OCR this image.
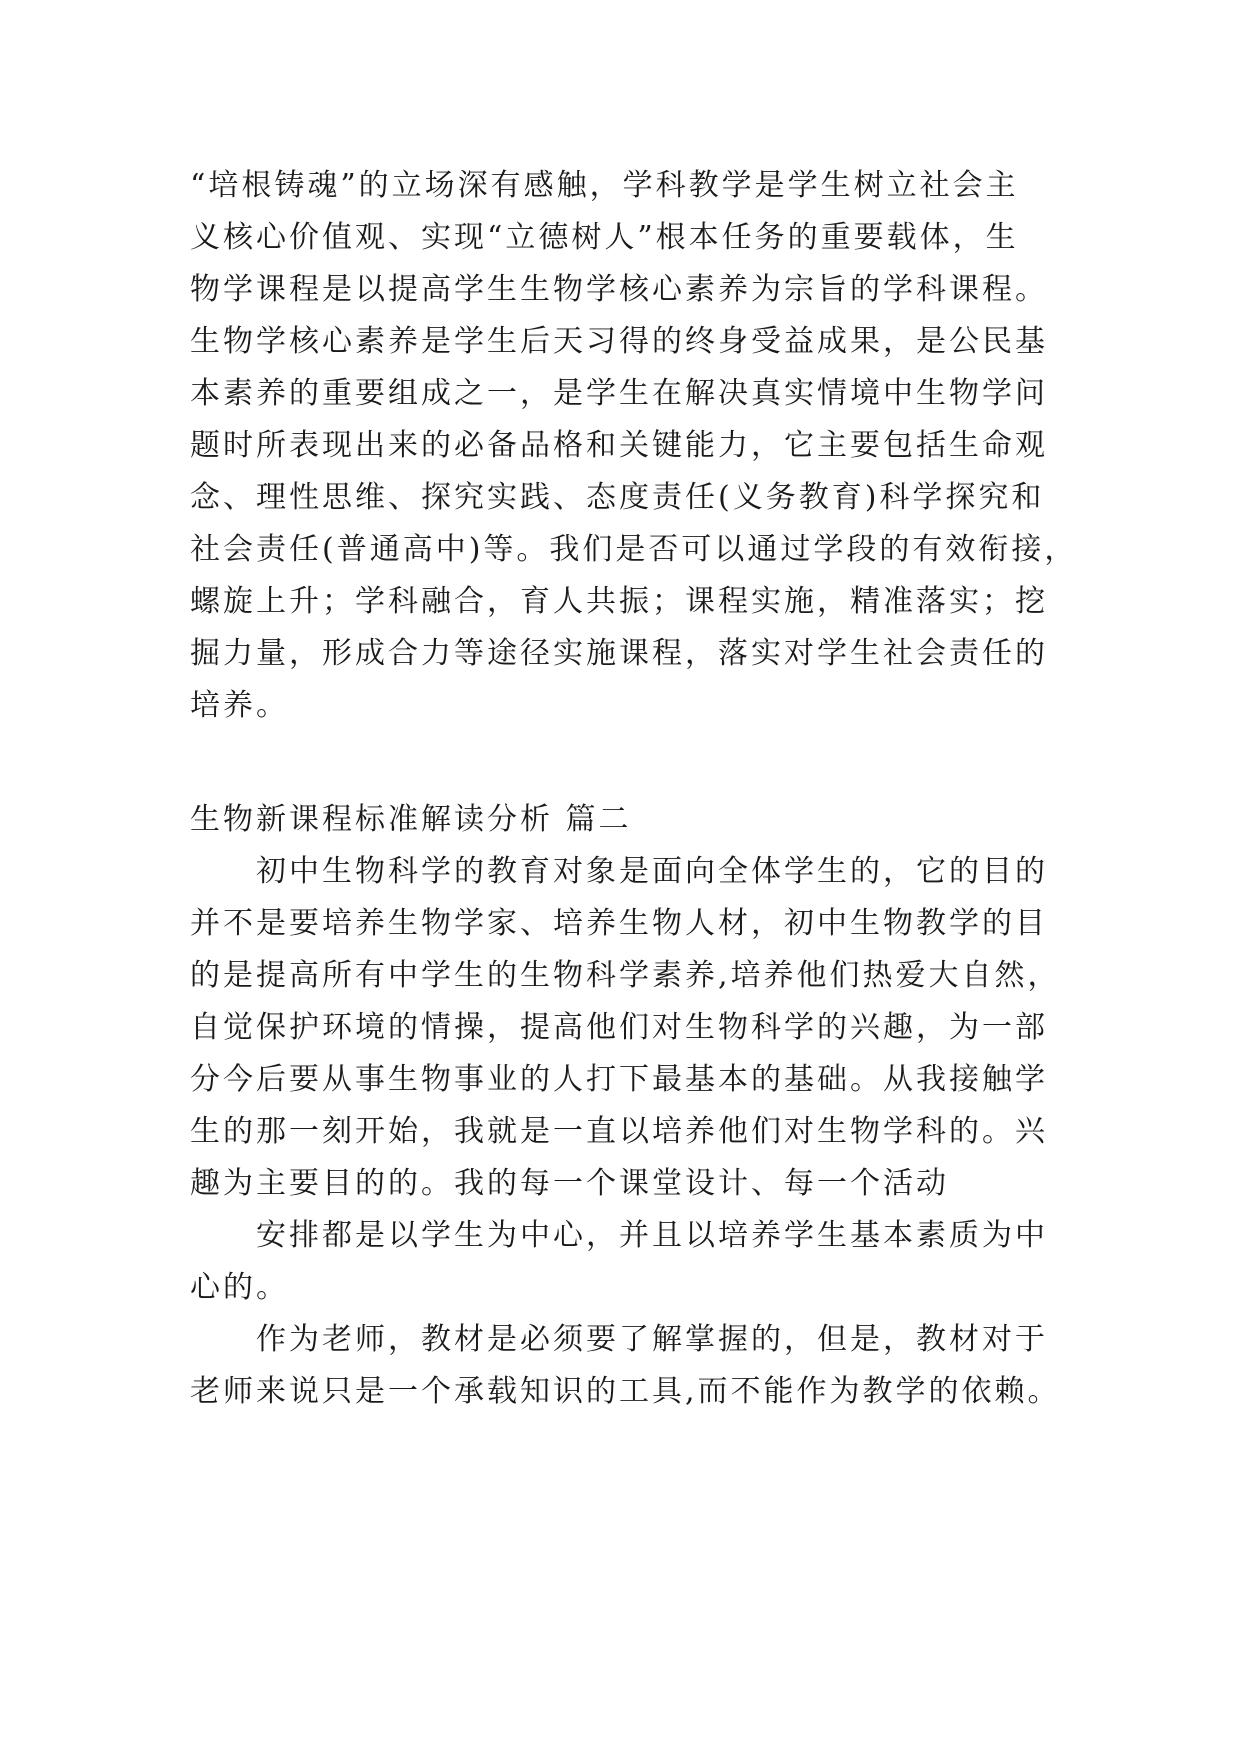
“培根铸魂”的立场深有感触，学科教学是学生树立社会主
义核心价值观、实现“立德树人”根本任务的重要载体，生
物学课程是以提高学生生物学核心素养为宗旨的学科课程。
生物学核心素养是学生后天习得的终身受益成果，是公民基
本素养的重要组成之一，是学生在解决真实情境中生物学问
题时所表现出来的必备品格和关键能力，它主要包括生命观
念、理性思维、探究实践、态度责任(义务教育)科学探究和
社会责任(普通高中)等。我们是否可以通过学段的有效衔接，
螺旋上升；学科融合，育人共振；课程实施，精准落实；挖
掘力量，形成合力等途径实施课程，落实对学生社会责任的
培养。
生物新课程标准解读分析 篇二
初中生物科学的教育对象是面向全体学生的，它的目的
并不是要培养生物学家、培养生物人材，初中生物教学的目
的是提高所有中学生的生物科学素养,培养他们热爱大自然，
自觉保护环境的情操，提高他们对生物科学的兴趣，为一部
分今后要从事生物事业的人打下最基本的基础。从我接触学
生的那一刻开始，我就是一直以培养他们对生物学科的。兴
趣为主要目的的。我的每一个课堂设计、每一个活动
安排都是以学生为中心，并且以培养学生基本素质为中
心的。
作为老师，教材是必须要了解掌握的，但是，教材对于
老师来说只是一个承载知识的工具,而不能作为教学的依赖。
